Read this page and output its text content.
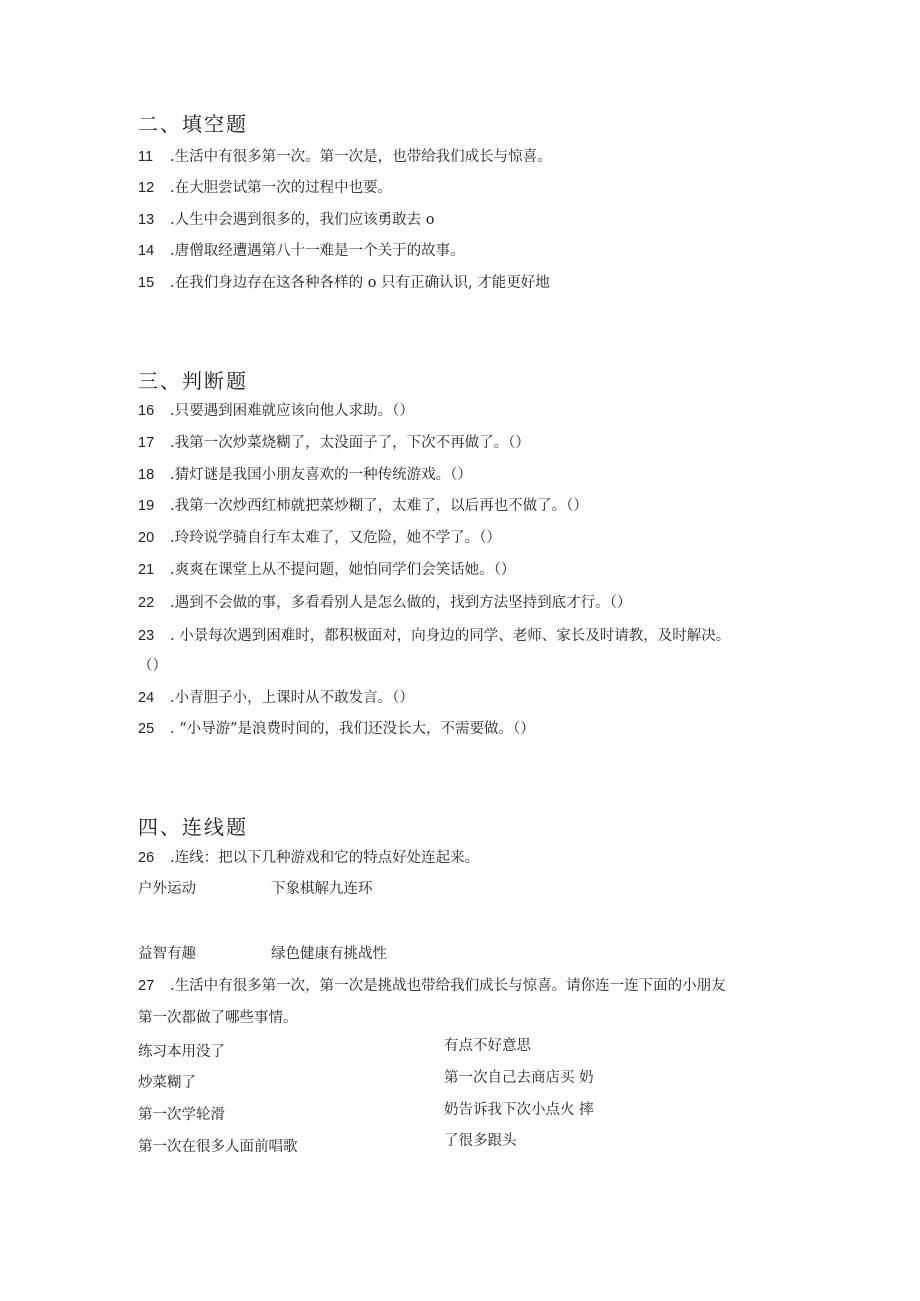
二、填空题
11 .生活中有很多第一次。第一次是，也带给我们成长与惊喜。
12 .在大胆尝试第一次的过程中也要。
13 .人生中会遇到很多的，我们应该勇敢去 o
14 .唐僧取经遭遇第八十一难是一个关于的故事。
15 .在我们身边存在这各种各样的 o 只有正确认识, 才能更好地
三、判断题
16 .只要遇到困难就应该向他人求助。（）
17 .我第一次炒菜烧糊了，太没面子了，下次不再做了。（）
18 .猜灯谜是我国小朋友喜欢的一种传统游戏。（）
19 .我第一次炒西红柿就把菜炒糊了，太难了，以后再也不做了。（）
20 .玲玲说学骑自行车太难了，又危险，她不学了。（）
21 .爽爽在课堂上从不提问题，她怕同学们会笑话她。（）
22 .遇到不会做的事，多看看别人是怎么做的，找到方法坚持到底才行。（）
23 . 小景每次遇到困难时，都积极面对，向身边的同学、老师、家长及时请教，及时解决。
（）
24 .小青胆子小，上课时从不敢发言。（）
25 . “小导游”是浪费时间的，我们还没长大，不需要做。（）
四、连线题
26 .连线：把以下几种游戏和它的特点好处连起来。
户外运动	下象棋解九连环
益智有趣	绿色健康有挑战性
27 .生活中有很多第一次，第一次是挑战也带给我们成长与惊喜。请你连一连下面的小朋友
第一次都做了哪些事情。
练习本用没了
炒菜糊了
第一次学轮滑
第一次在很多人面前唱歌
有点不好意思
第一次自己去商店买 奶
奶告诉我下次小点火 摔
了很多跟头
